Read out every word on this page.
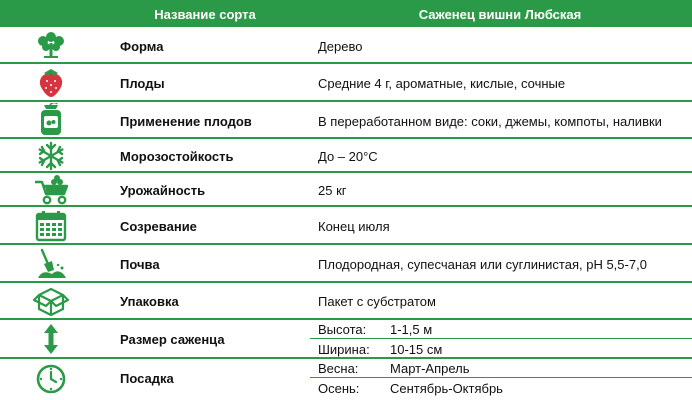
Название сорта	Саженец вишни Любская
Форма	Дерево
Плоды	Средние 4 г, ароматные, кислые, сочные
Применение плодов	В переработанном виде: соки, джемы, компоты, наливки
Морозостойкость	До – 20°С
Урожайность	25 кг
Созревание	Конец июля
Почва	Плодородная, супесчаная или суглинистая, pH 5,5-7,0
Упаковка	Пакет с субстратом
Размер саженца
Высота: 1-1,5 м
Ширина: 10-15 см
Посадка
Весна: Март-Апрель
Осень: Сентябрь-Октябрь
